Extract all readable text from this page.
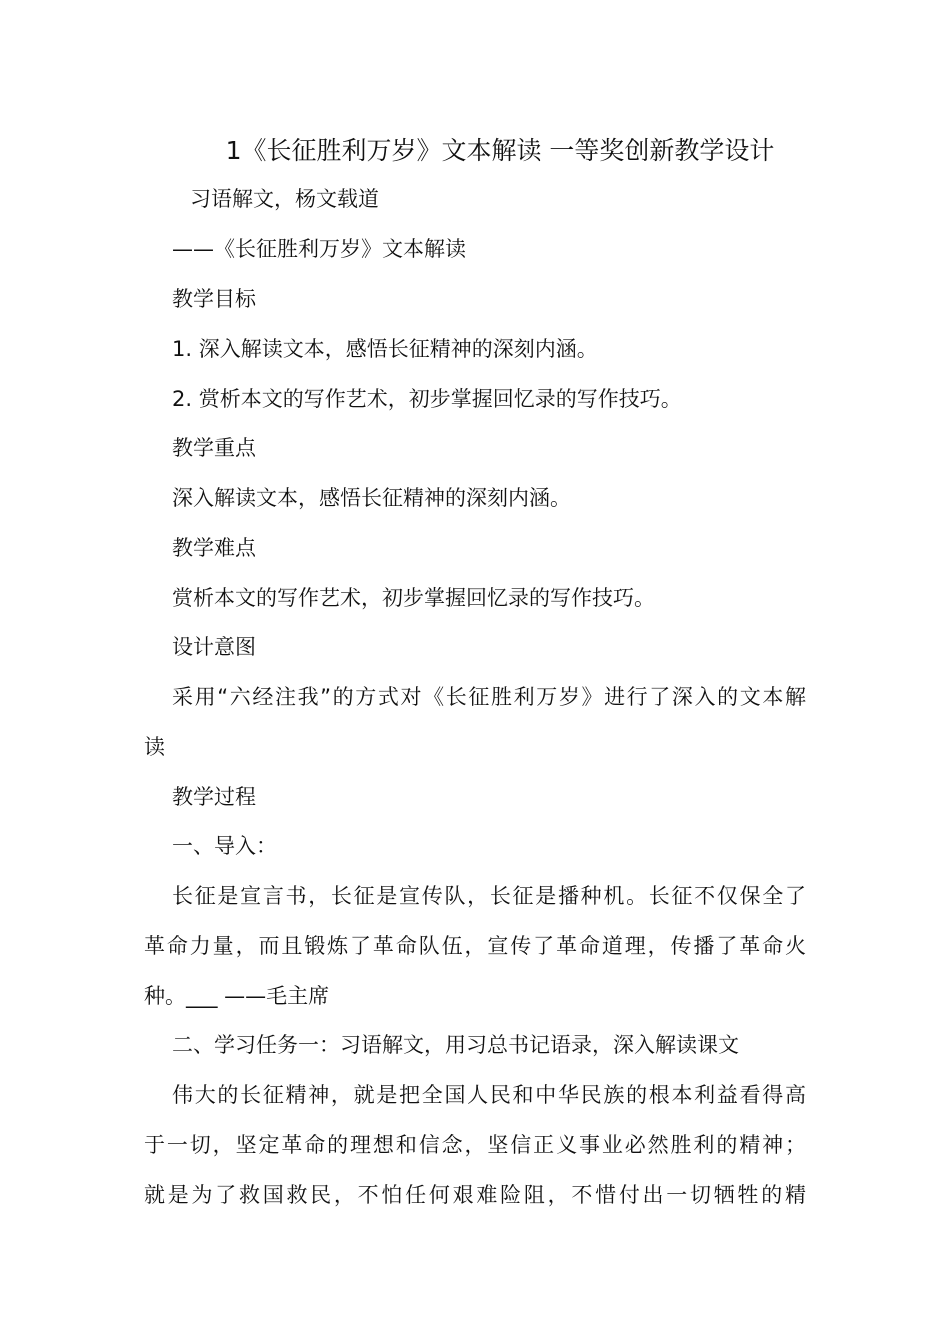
1《长征胜利万岁》文本解读 一等奖创新教学设计
习语解文，杨文载道
——《长征胜利万岁》文本解读
教学目标
1. 深入解读文本，感悟长征精神的深刻内涵。
2. 赏析本文的写作艺术，初步掌握回忆录的写作技巧。
教学重点
深入解读文本，感悟长征精神的深刻内涵。
教学难点
赏析本文的写作艺术，初步掌握回忆录的写作技巧。
设计意图
采用“六经注我”的方式对《长征胜利万岁》进行了深入的文本解
读
教学过程
一、导入：
长征是宣言书，长征是宣传队，长征是播种机。长征不仅保全了
革命力量，而且锻炼了革命队伍，宣传了革命道理，传播了革命火
种。___ ——毛主席
二、学习任务一：习语解文，用习总书记语录，深入解读课文
伟大的长征精神，就是把全国人民和中华民族的根本利益看得高
于一切，坚定革命的理想和信念，坚信正义事业必然胜利的精神；
就是为了救国救民，不怕任何艰难险阻，不惜付出一切牺牲的精
